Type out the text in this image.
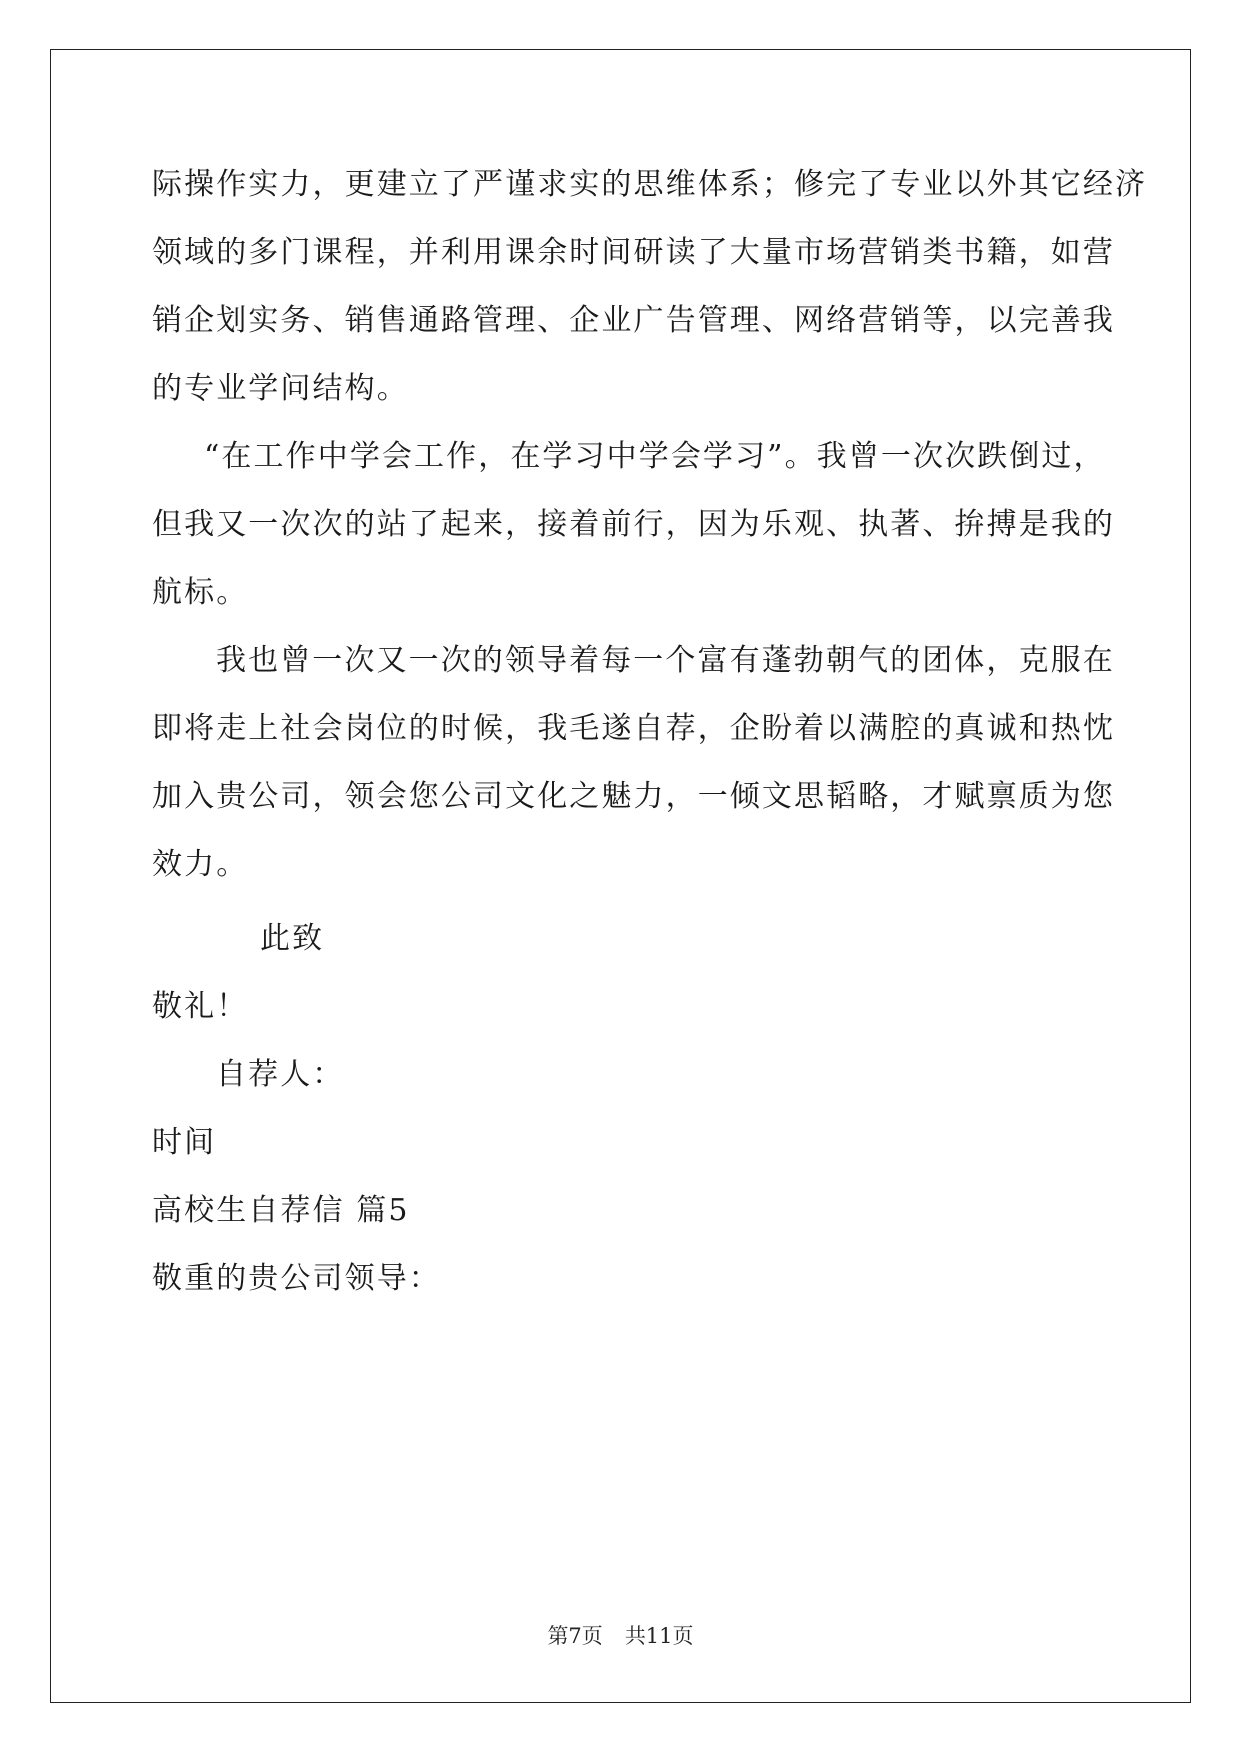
际操作实力，更建立了严谨求实的思维体系；修完了专业以外其它经济

领域的多门课程，并利用课余时间研读了大量市场营销类书籍，如营

销企划实务、销售通路管理、企业广告管理、网络营销等，以完善我

的专业学问结构。

“在工作中学会工作，在学习中学会学习”。我曾一次次跌倒过，

但我又一次次的站了起来，接着前行，因为乐观、执著、拚搏是我的

航标。

我也曾一次又一次的领导着每一个富有蓬勃朝气的团体，克服在

即将走上社会岗位的时候，我毛遂自荐，企盼着以满腔的真诚和热忱

加入贵公司，领会您公司文化之魅力，一倾文思韬略，才赋禀质为您

效力。

此致

敬礼！

自荐人：

时间

高校生自荐信 篇5

敬重的贵公司领导：

第7页 共11页
